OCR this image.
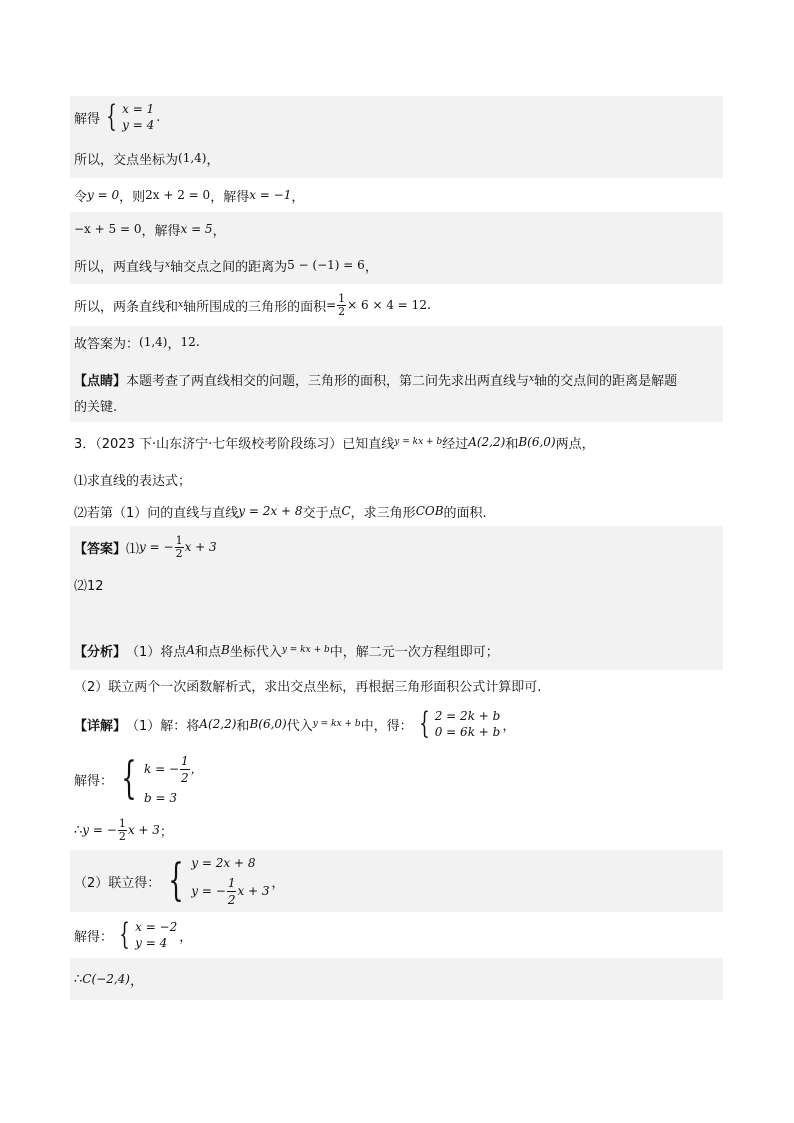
解得 { x = 1
y = 4
.
所以，交点坐标为 (1,4) ，
令 y = 0 ，则 2x + 2 = 0 ，解得 x = −1 ，
−x + 5 = 0 ，解得 x = 5 ，
所以，两直线与 x 轴交点之间的距离为 5 − (−1) = 6 ，
所以，两条直线和 x 轴所围成的三角形的面积 = $\frac{1}{2} \times 6 \times 4 = 12$ .
故答案为： (1,4) ， 12 .
【点睛】 本题考查了两直线相交的问题，三角形的面积，第二问先求出两直线与 x 轴的交点间的距离是解题
的关键.
3．（2023 下·山东济宁·七年级校考阶段练习）已知直线 y = kx + b 经过 A(2,2) 和 B(6,0) 两点，
⑴求直线的表达式；
⑵若第（1）问的直线与直线 y = 2x + 8 交于点 C ，求三角形 COB 的面积.
【答案】 ⑴ y = − $\frac{1}{2}$ x + 3
⑵12
【分析】 （1）将点 A 和点 B 坐标代入 y = kx + b 中，解二元一次方程组即可；
（2）联立两个一次函数解析式，求出交点坐标，再根据三角形面积公式计算即可.
【详解】 （1）解：将 A(2,2) 和 B(6,0) 代入 y = kx + b 中，得： { 2 = 2k + b
0 = 6k + b ，
解得： { k = − $\frac{1}{2}$ ，
b = 3
∴ y = − $\frac{1}{2}$ x + 3 ；
（2）联立得： { y = 2x + 8
y = − $\frac{1}{2}$ x + 3
，
解得： { x = −2
y = 4 ，
∴ C(−2,4) ，
